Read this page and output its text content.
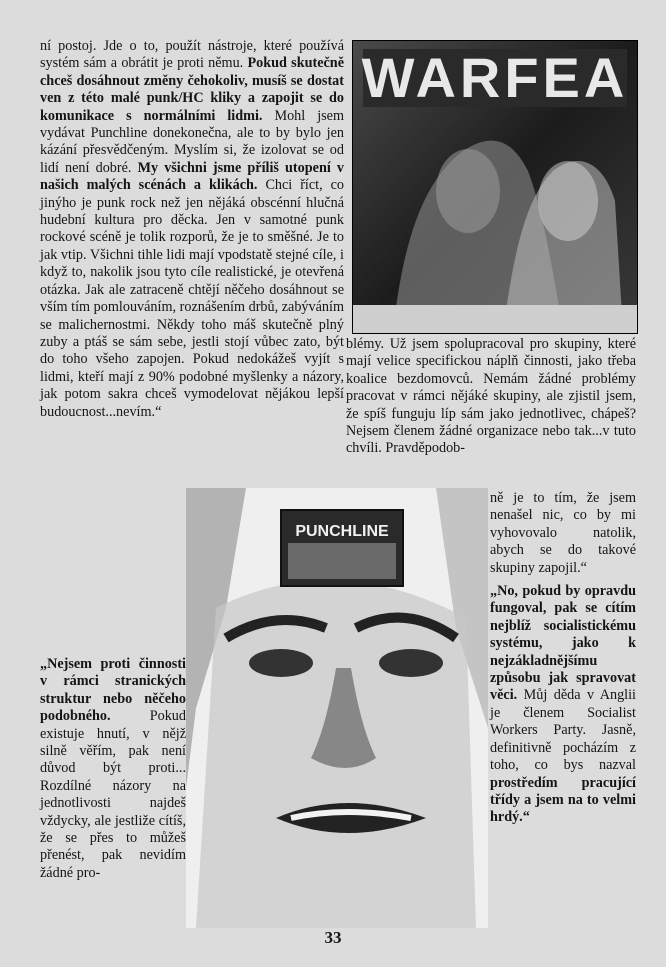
ní postoj. Jde o to, použít nástroje, které používá systém sám a obrátit je proti němu. Pokud skutečně chceš dosáhnout změny čehokoliv, musíš se dostat ven z této malé punk/HC kliky a zapojit se do komunikace s normálními lidmi. Mohl jsem vydávat Punchline donekonečna, ale to by bylo jen kázání přesvědčeným. Myslím si, že izolovat se od lidí není dobré. My všichni jsme příliš utopení v našich malých scénách a klikách. Chci říct, co jinýho je punk rock než jen nějáká obscénní hlučná hudební kultura pro děcka. Jen v samotné punk rockové scéně je tolik rozporů, že je to směšné. Je to jak vtip. Všichni tihle lidi mají vpodstatě stejné cíle, i když to, nakolik jsou tyto cíle realistické, je otevřená otázka. Jak ale zatraceně chtějí něčeho dosáhnout se vším tím pomlouváním, roznášením drbů, zabýváním se malichernostmi. Někdy toho máš skutečně plný zuby a ptáš se sám sebe, jestli stojí vůbec zato, být do toho všeho zapojen. Pokud nedokážeš vyjít s lidmi, kteří mají z 90% podobné myšlenky a názory, jak potom sakra chceš vymodelovat nějákou lepší budoucnost...nevím.“

WARFEA

blémy. Už jsem spolupracoval pro skupiny, které mají velice specifickou náplň činnosti, jako třeba koalice bezdomovců. Nemám žádné problémy pracovat v rámci nějáké skupiny, ale zjistil jsem, že spíš funguju líp sám jako jednotlivec, chápeš? Nejsem členem žádné organizace nebo tak...v tuto chvíli. Pravděpodob-

PUNCHLINE

„Nejsem proti činnosti v rámci stranických struktur nebo něčeho podobného. Pokud existuje hnutí, v nějž silně věřím, pak není důvod být proti... Rozdílné názory na jednotlivosti najdeš vždycky, ale jestliže cítíš, že se přes to můžeš přenést, pak nevidím žádné pro-

ně je to tím, že jsem nenašel nic, co by mi vyhovovalo natolik, abych se do takové skupiny zapojil.“

„No, pokud by opravdu fungoval, pak se cítím nejblíž socialistickému systému, jako k nejzákladnějšímu způsobu jak spravovat věci. Můj děda v Anglii je členem Socialist Workers Party. Jasně, definitivně pocházím z toho, co bys nazval prostředím pracující třídy a jsem na to velmi hrdý.“

33
